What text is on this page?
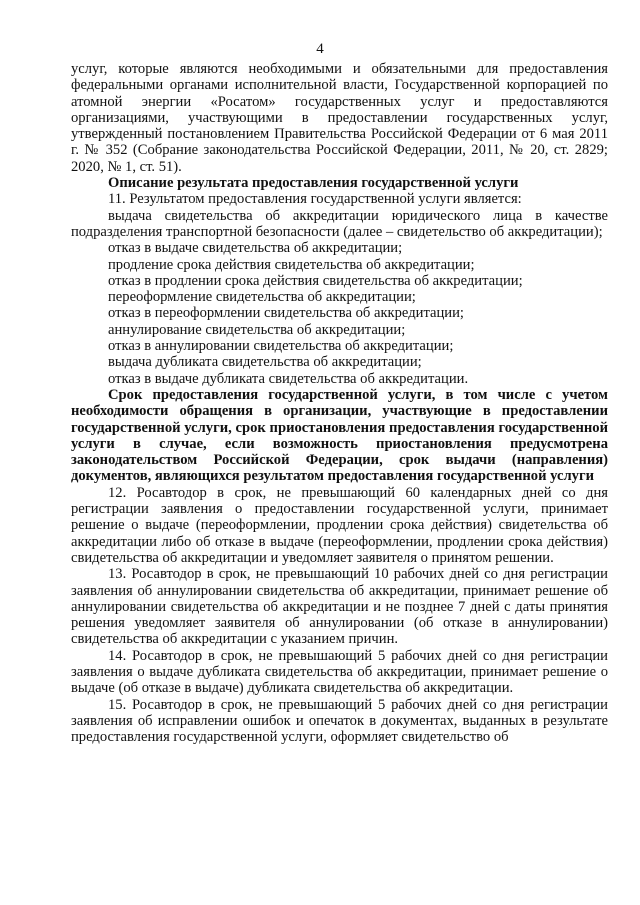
4

услуг, которые являются необходимыми и обязательными для предоставления федеральными органами исполнительной власти, Государственной корпорацией по атомной энергии «Росатом» государственных услуг и предоставляются организациями, участвующими в предоставлении государственных услуг, утвержденный постановлением Правительства Российской Федерации от 6 мая 2011 г. № 352 (Собрание законодательства Российской Федерации, 2011, № 20, ст. 2829; 2020, № 1, ст. 51).

Описание результата предоставления государственной услуги

11. Результатом предоставления государственной услуги является:

выдача свидетельства об аккредитации юридического лица в качестве подразделения транспортной безопасности (далее – свидетельство об аккредитации);

отказ в выдаче свидетельства об аккредитации;

продление срока действия свидетельства об аккредитации;

отказ в продлении срока действия свидетельства об аккредитации;

переоформление свидетельства об аккредитации;

отказ в переоформлении свидетельства об аккредитации;

аннулирование свидетельства об аккредитации;

отказ в аннулировании свидетельства об аккредитации;

выдача дубликата свидетельства об аккредитации;

отказ в выдаче дубликата свидетельства об аккредитации.

Срок предоставления государственной услуги, в том числе с учетом необходимости обращения в организации, участвующие в предоставлении государственной услуги, срок приостановления предоставления государственной услуги в случае, если возможность приостановления предусмотрена законодательством Российской Федерации, срок выдачи (направления) документов, являющихся результатом предоставления государственной услуги

12. Росавтодор в срок, не превышающий 60 календарных дней со дня регистрации заявления о предоставлении государственной услуги, принимает решение о выдаче (переоформлении, продлении срока действия) свидетельства об аккредитации либо об отказе в выдаче (переоформлении, продлении срока действия) свидетельства об аккредитации и уведомляет заявителя о принятом решении.

13. Росавтодор в срок, не превышающий 10 рабочих дней со дня регистрации заявления об аннулировании свидетельства об аккредитации, принимает решение об аннулировании свидетельства об аккредитации и не позднее 7 дней с даты принятия решения уведомляет заявителя об аннулировании (об отказе в аннулировании) свидетельства об аккредитации с указанием причин.

14. Росавтодор в срок, не превышающий 5 рабочих дней со дня регистрации заявления о выдаче дубликата свидетельства об аккредитации, принимает решение о выдаче (об отказе в выдаче) дубликата свидетельства об аккредитации.

15. Росавтодор в срок, не превышающий 5 рабочих дней со дня регистрации заявления об исправлении ошибок и опечаток в документах, выданных в результате предоставления государственной услуги, оформляет свидетельство об
